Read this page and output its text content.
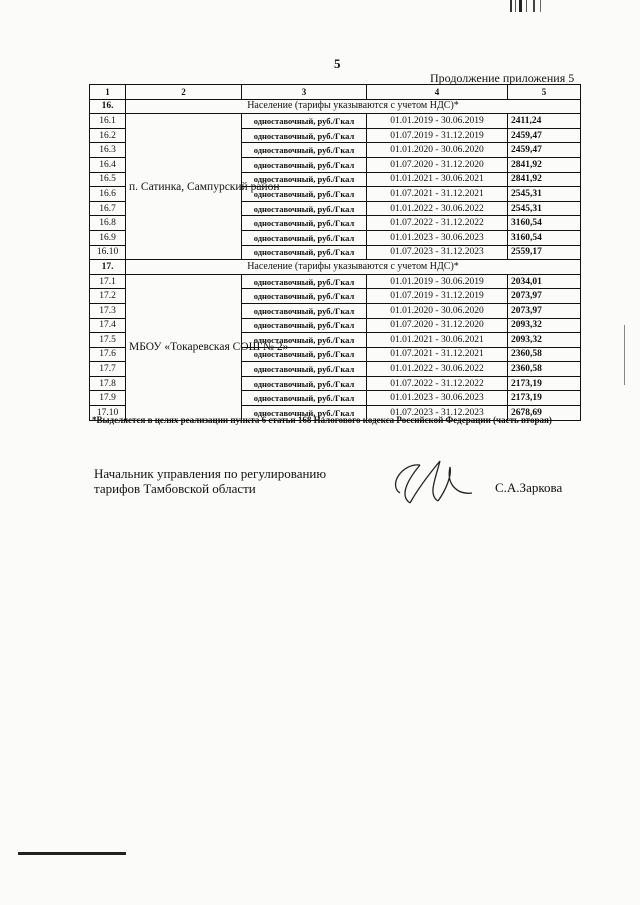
5
Продолжение приложения 5
1	2	3	4	5
16.	Население (тарифы указываются с учетом НДС)*			
16.1	п. Сатинка, Сампурский район	одноставочный, руб./Гкал	01.01.2019 - 30.06.2019	2411,24
16.2		одноставочный, руб./Гкал	01.07.2019 - 31.12.2019	2459,47
16.3		одноставочный, руб./Гкал	01.01.2020 - 30.06.2020	2459,47
16.4		одноставочный, руб./Гкал	01.07.2020 - 31.12.2020	2841,92
16.5		одноставочный, руб./Гкал	01.01.2021 - 30.06.2021	2841,92
16.6		одноставочный, руб./Гкал	01.07.2021 - 31.12.2021	2545,31
16.7		одноставочный, руб./Гкал	01.01.2022 - 30.06.2022	2545,31
16.8		одноставочный, руб./Гкал	01.07.2022 - 31.12.2022	3160,54
16.9		одноставочный, руб./Гкал	01.01.2023 - 30.06.2023	3160,54
16.10		одноставочный, руб./Гкал	01.07.2023 - 31.12.2023	2559,17
17.	Население (тарифы указываются с учетом НДС)*			
17.1	МБОУ «Токаревская СОШ № 2»	одноставочный, руб./Гкал	01.01.2019 - 30.06.2019	2034,01
17.2		одноставочный, руб./Гкал	01.07.2019 - 31.12.2019	2073,97
17.3		одноставочный, руб./Гкал	01.01.2020 - 30.06.2020	2073,97
17.4		одноставочный, руб./Гкал	01.07.2020 - 31.12.2020	2093,32
17.5		одноставочный, руб./Гкал	01.01.2021 - 30.06.2021	2093,32
17.6		одноставочный, руб./Гкал	01.07.2021 - 31.12.2021	2360,58
17.7		одноставочный, руб./Гкал	01.01.2022 - 30.06.2022	2360,58
17.8		одноставочный, руб./Гкал	01.07.2022 - 31.12.2022	2173,19
17.9		одноставочный, руб./Гкал	01.01.2023 - 30.06.2023	2173,19
17.10		одноставочный, руб./Гкал	01.07.2023 - 31.12.2023	2678,69
*Выделяется в целях реализации пункта 6 статьи 168 Налогового кодекса Российской Федерации (часть вторая)
Начальник управления по регулированию
тарифов Тамбовской области	С.А.Заркова
